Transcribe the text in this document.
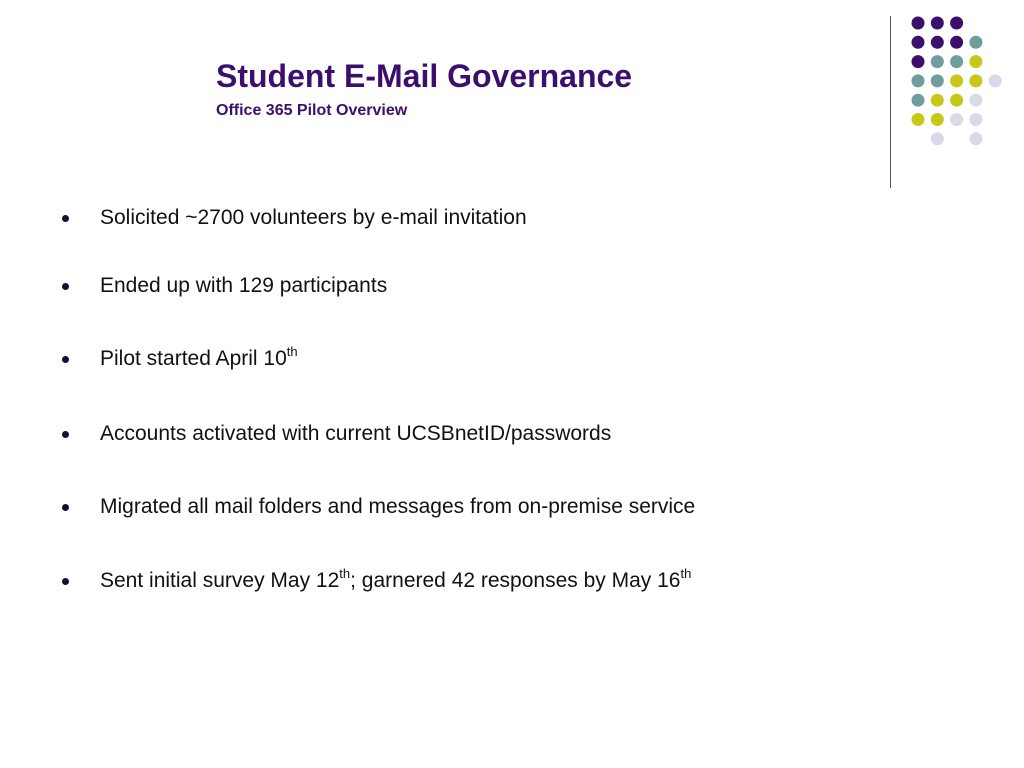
Student E-Mail Governance
Office 365 Pilot Overview
Solicited ~2700 volunteers by e-mail invitation
Ended up with 129 participants
Pilot started April 10th
Accounts activated with current UCSBnetID/passwords
Migrated all mail folders and messages from on-premise service
Sent initial survey May 12th; garnered 42 responses by May 16th
